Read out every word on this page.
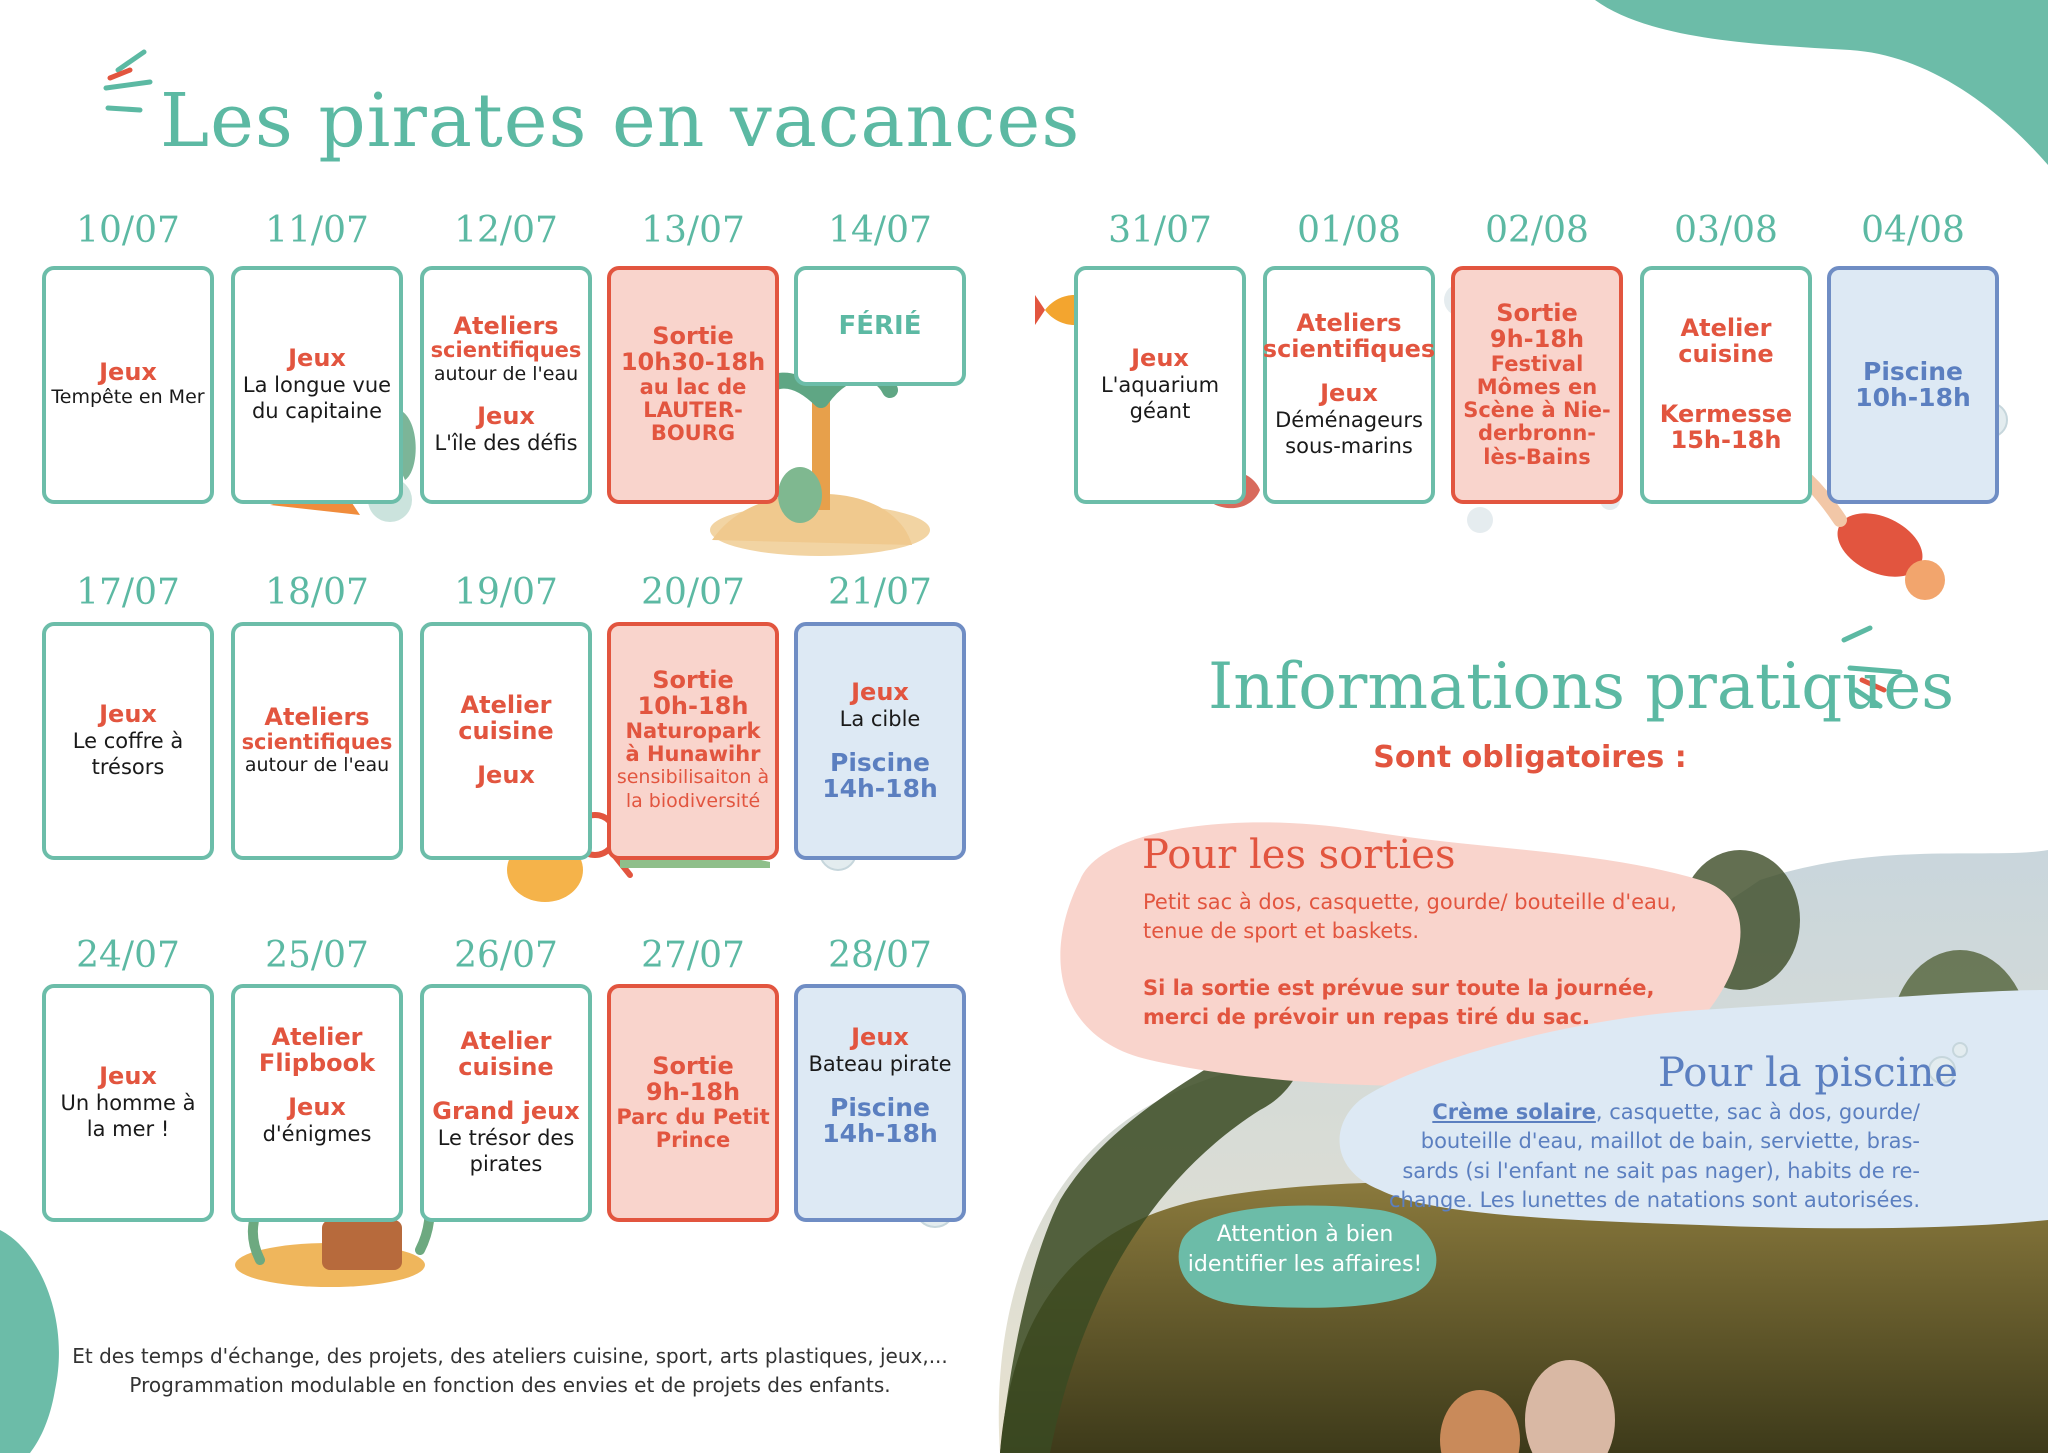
Les pirates en vacances
10/07
Jeux
Tempête en Mer
11/07
Jeux
La longue vue du capitaine
12/07
Ateliers
scientifiques
autour de l'eau
Jeux
L'île des défis
13/07
Sortie
10h30-18h
au lac de LAUTER-BOURG
14/07
FÉRIÉ
17/07
Jeux
Le coffre à trésors
18/07
Ateliers
scientifiques
autour de l'eau
19/07
Atelier cuisine
Jeux
20/07
Sortie
10h-18h
Naturopark à Hunawihr
sensibilisaiton à la biodiversité
21/07
Jeux
La cible
Piscine
14h-18h
24/07
Jeux
Un homme à la mer !
25/07
Atelier
Flipbook
Jeux
d'énigmes
26/07
Atelier cuisine
Grand jeux
Le trésor des pirates
27/07
Sortie
9h-18h
Parc du Petit Prince
28/07
Jeux
Bateau pirate
Piscine
14h-18h
31/07
Jeux
L'aquarium géant
01/08
Ateliers
scientifiques
Jeux
Déménageurs sous-marins
02/08
Sortie
9h-18h
Festival Mômes en Scène à Nie-derbronn-lès-Bains
03/08
Atelier cuisine
Kermesse
15h-18h
04/08
Piscine
10h-18h
Et des temps d'échange, des projets, des ateliers cuisine, sport, arts plastiques, jeux,...
Programmation modulable en fonction des envies et de projets des enfants.
Informations pratiques
Sont obligatoires :
Pour les sorties
Petit sac à dos, casquette, gourde/ bouteille d'eau, tenue de sport et baskets.
Si la sortie est prévue sur toute la journée, merci de prévoir un repas tiré du sac.
Pour la piscine
Crème solaire, casquette, sac à dos, gourde/ bouteille d'eau, maillot de bain, serviette, bras-sards (si l'enfant ne sait pas nager), habits de re-change. Les lunettes de natations sont autorisées.
Attention à bien identifier les affaires!
